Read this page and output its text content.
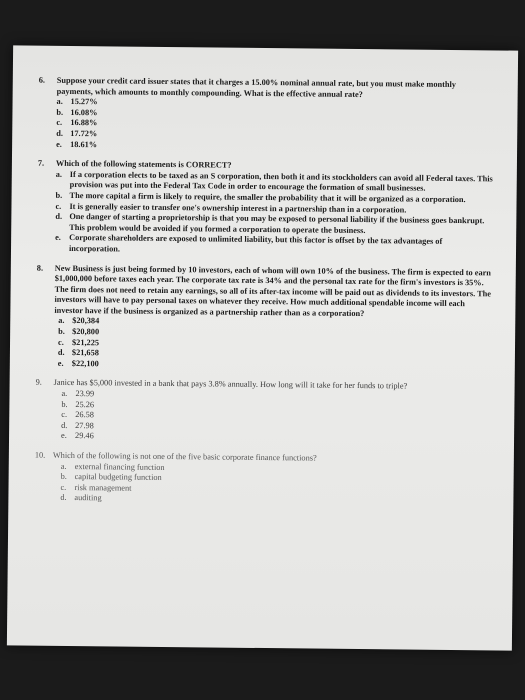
6.	Suppose your credit card issuer states that it charges a 15.00% nominal annual rate, but you must make monthly payments, which amounts to monthly compounding. What is the effective annual rate?
a. 15.27%
b. 16.08%
c. 16.88%
d. 17.72%
e. 18.61%
7.	Which of the following statements is CORRECT?
a. If a corporation elects to be taxed as an S corporation, then both it and its stockholders can avoid all Federal taxes. This provision was put into the Federal Tax Code in order to encourage the formation of small businesses.
b. The more capital a firm is likely to require, the smaller the probability that it will be organized as a corporation.
c. It is generally easier to transfer one's ownership interest in a partnership than in a corporation.
d. One danger of starting a proprietorship is that you may be exposed to personal liability if the business goes bankrupt. This problem would be avoided if you formed a corporation to operate the business.
e. Corporate shareholders are exposed to unlimited liability, but this factor is offset by the tax advantages of incorporation.
8.	New Business is just being formed by 10 investors, each of whom will own 10% of the business. The firm is expected to earn $1,000,000 before taxes each year. The corporate tax rate is 34% and the personal tax rate for the firm's investors is 35%. The firm does not need to retain any earnings, so all of its after-tax income will be paid out as dividends to its investors. The investors will have to pay personal taxes on whatever they receive. How much additional spendable income will each investor have if the business is organized as a partnership rather than as a corporation?
a. $20,384
b. $20,800
c. $21,225
d. $21,658
e. $22,100
9.	Janice has $5,000 invested in a bank that pays 3.8% annually. How long will it take for her funds to triple?
a. 23.99
b. 25.26
c. 26.58
d. 27.98
e. 29.46
10. Which of the following is not one of the five basic corporate finance functions?
a. external financing function
b. capital budgeting function
c. risk management
d. auditing
